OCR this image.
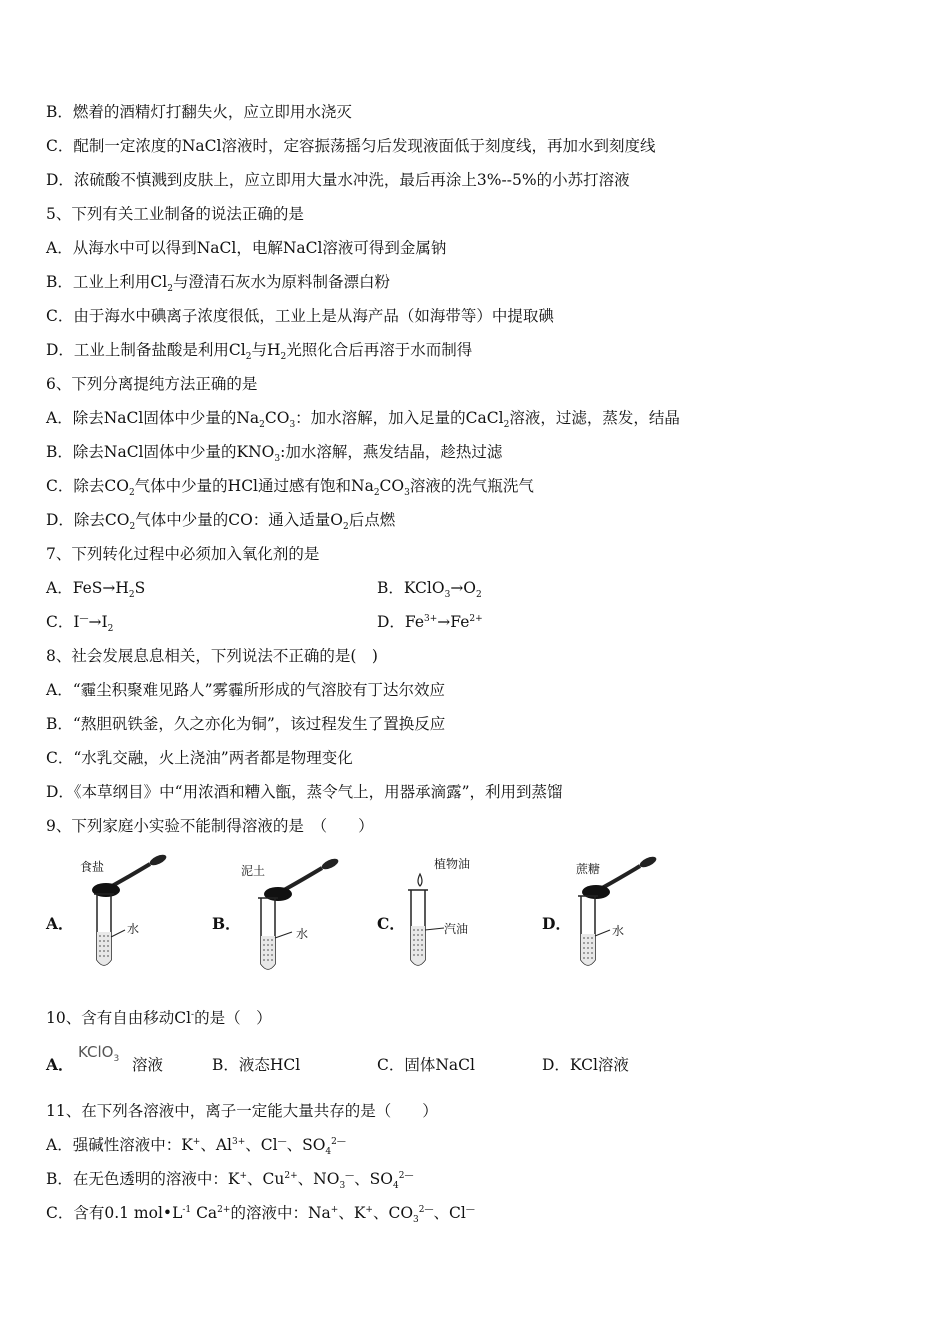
B．燃着的酒精灯打翻失火，应立即用水浇灭
C．配制一定浓度的NaCl溶液时，定容振荡摇匀后发现液面低于刻度线，再加水到刻度线
D．浓硫酸不慎溅到皮肤上，应立即用大量水冲洗，最后再涂上3%--5%的小苏打溶液
5、下列有关工业制备的说法正确的是
A．从海水中可以得到NaCl，电解NaCl溶液可得到金属钠
B．工业上利用$Cl_2$与澄清石灰水为原料制备漂白粉
C．由于海水中碘离子浓度很低，工业上是从海产品（如海带等）中提取碘
D．工业上制备盐酸是利用$Cl_2$与$H_2$光照化合后再溶于水而制得
6、下列分离提纯方法正确的是
A．除去NaCl固体中少量的$Na_2CO_3$：加水溶解，加入足量的CaCl$_2$溶液，过滤，蒸发，结晶
B．除去NaCl固体中少量的$KNO_3$:加水溶解，燕发结晶，趁热过滤
C．除去$CO_2$气体中少量的HCl通过感有饱和$Na_2CO_3$溶液的洗气瓶洗气
D．除去$CO_2$气体中少量的CO：通入适量$O_2$后点燃
7、下列转化过程中必须加入氧化剂的是
A．$FeS\to H_2S$	B．$KClO_3\to O_2$
C．$I^—\to I_2$	D．$Fe^{3+}\to Fe^{2+}$
8、社会发展息息相关，下列说法不正确的是(　)
A．“霾尘积聚难见路人”雾霾所形成的气溶胶有丁达尔效应
B．“熬胆矾铁釜，久之亦化为铜”，该过程发生了置换反应
C．“水乳交融，火上浇油”两者都是物理变化
D．《本草纲目》中“用浓酒和糟入甑，蒸令气上，用器承滴露”，利用到蒸馏
9、下列家庭小实验不能制得溶液的是　（　　）
A．
食盐
水	B．
泥土
水
C．
植物油
汽油	D．
蔗糖
水
10、含有自由移动Cl-的是（　）
A．
KClO$_3$ 溶液	B．液态HCl	C．固体NaCl	D．KCl溶液
11、在下列各溶液中，离子一定能大量共存的是（　　）
A．强碱性溶液中：K+、$Al^{3+}$、Cl—、$SO_4^{2—}$
B．在无色透明的溶液中：K+、$Cu^{2+}$、$NO_3^—$、$SO_4^{2—}$
C．含有0.1 $mol•L^{-1}$ $Ca^{2+}$的溶液中：Na+、K+、$CO_3^{2—}$、Cl—
